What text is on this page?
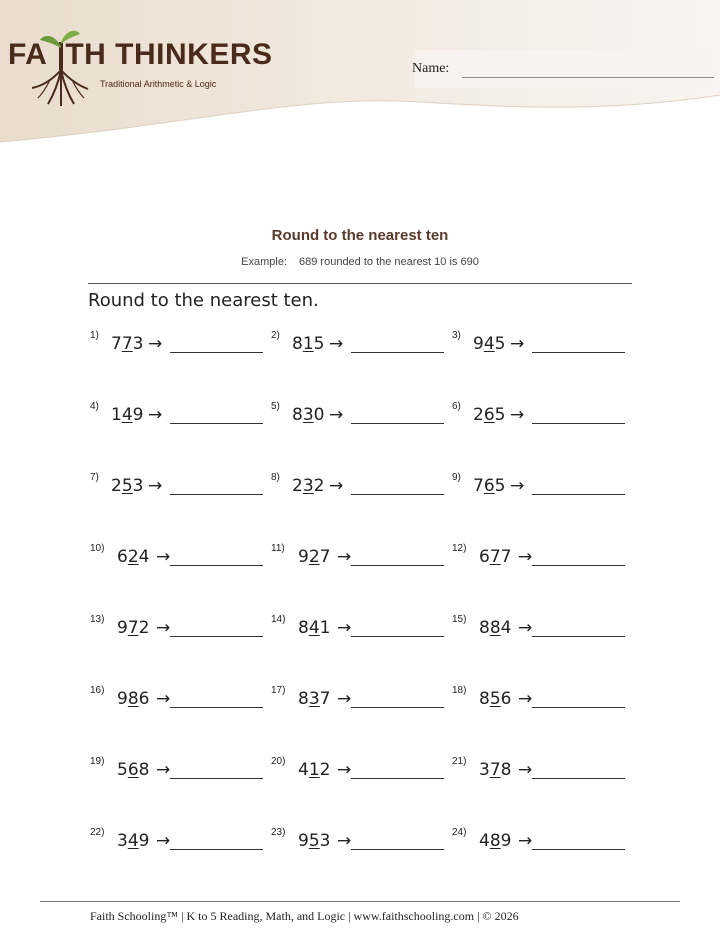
FA TH THINKERS
Traditional Arithmetic & Logic
Name:
Round to the nearest ten
Example: 689 rounded to the nearest 10 is 690
Round to the nearest ten.
1) 773 →	2) 815 →	3) 945 →
4) 149 →	5) 830 →	6) 265 →
7) 253 →	8) 232 →	9) 765 →
10) 624 →	11) 927 →	12) 677 →
13) 972 →	14) 841 →	15) 884 →
16) 986 →	17) 837 →	18) 856 →
19) 568 →	20) 412 →	21) 378 →
22) 349 →	23) 953 →	24) 489 →
Faith Schooling™ | K to 5 Reading, Math, and Logic | www.faithschooling.com | © 2026
